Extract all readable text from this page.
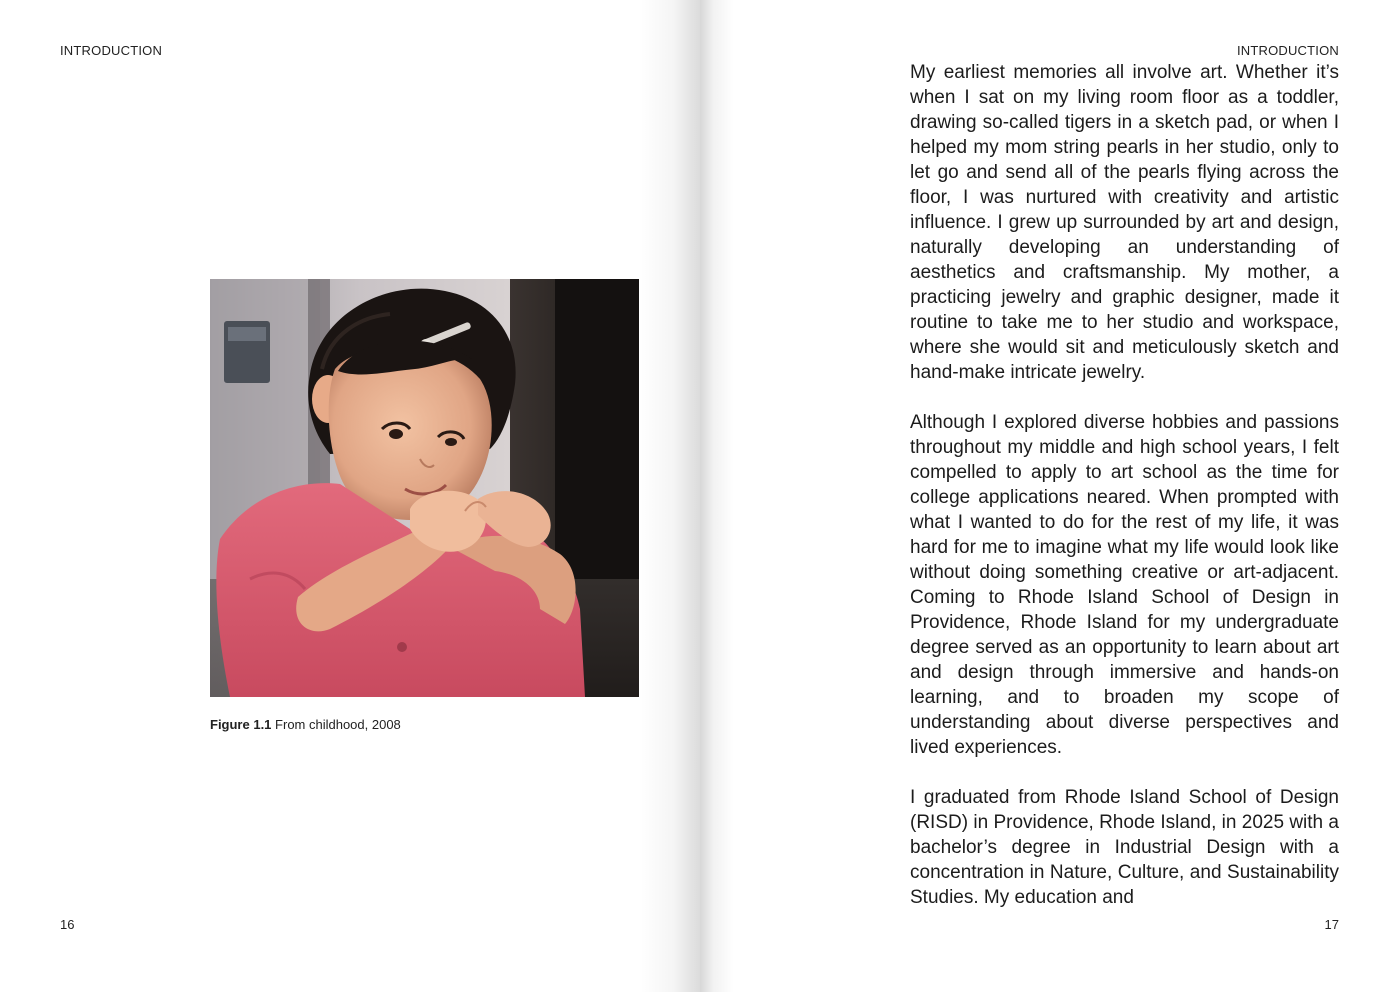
INTRODUCTION
Figure 1.1 From childhood, 2008
16
INTRODUCTION

My earliest memories all involve art. Whether it’s when I sat on my living room floor as a toddler, drawing so-called tigers in a sketch pad, or when I helped my mom string pearls in her studio, only to let go and send all of the pearls flying across the floor, I was nurtured with creativity and artistic influence. I grew up surrounded by art and design, naturally developing an understanding of aesthetics and craftsmanship. My mother, a practicing jewelry and graphic designer, made it routine to take me to her studio and workspace, where she would sit and meticulously sketch and hand-make intricate jewelry.

Although I explored diverse hobbies and passions throughout my middle and high school years, I felt compelled to apply to art school as the time for college applications neared. When prompted with what I wanted to do for the rest of my life, it was hard for me to imagine what my life would look like without doing something creative or art-adjacent. Coming to Rhode Island School of Design in Providence, Rhode Island for my undergraduate degree served as an opportunity to learn about art and design through immersive and hands-on learning, and to broaden my scope of understanding about diverse perspectives and lived experiences.

I graduated from Rhode Island School of Design (RISD) in Providence, Rhode Island, in 2025 with a bachelor’s degree in Industrial Design with a concentration in Nature, Culture, and Sustainability Studies. My education and

17
